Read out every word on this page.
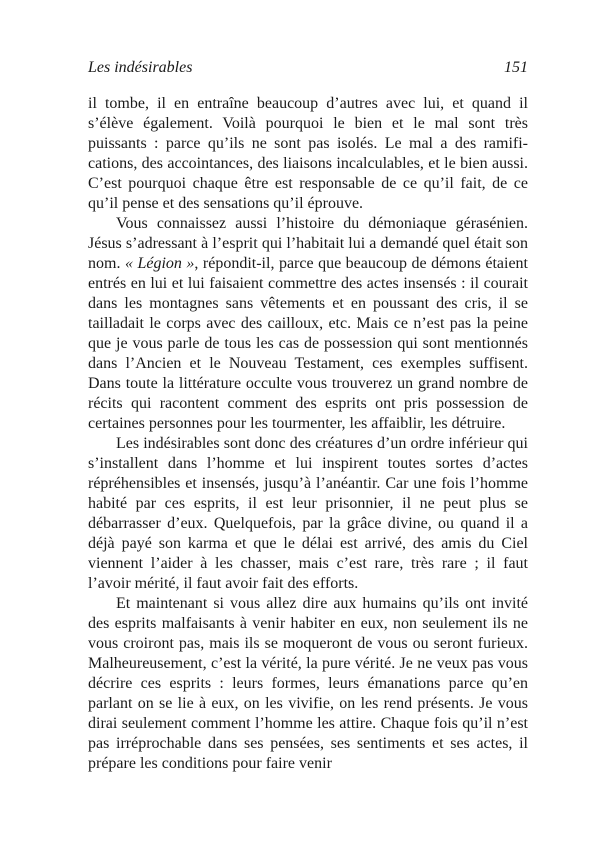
Les indésirables	151

il tombe, il en entraîne beaucoup d’autres avec lui, et quand il s’élève également. Voilà pourquoi le bien et le mal sont très puissants : parce qu’ils ne sont pas isolés. Le mal a des ramifications, des accointances, des liaisons incalculables, et le bien aussi. C’est pourquoi chaque être est responsable de ce qu’il fait, de ce qu’il pense et des sensations qu’il éprouve.

Vous connaissez aussi l’histoire du démoniaque gérasénien. Jésus s’adressant à l’esprit qui l’habitait lui a demandé quel était son nom. « Légion », répondit-il, parce que beaucoup de démons étaient entrés en lui et lui faisaient commettre des actes insensés : il courait dans les montagnes sans vêtements et en poussant des cris, il se tailladait le corps avec des cailloux, etc. Mais ce n’est pas la peine que je vous parle de tous les cas de possession qui sont mentionnés dans l’Ancien et le Nouveau Testament, ces exemples suffisent. Dans toute la littérature occulte vous trouverez un grand nombre de récits qui racontent comment des esprits ont pris possession de certaines personnes pour les tourmenter, les affaiblir, les détruire.

Les indésirables sont donc des créatures d’un ordre inférieur qui s’installent dans l’homme et lui inspirent toutes sortes d’actes répréhensibles et insensés, jusqu’à l’anéantir. Car une fois l’homme habité par ces esprits, il est leur prisonnier, il ne peut plus se débarrasser d’eux. Quelquefois, par la grâce divine, ou quand il a déjà payé son karma et que le délai est arrivé, des amis du Ciel viennent l’aider à les chasser, mais c’est rare, très rare ; il faut l’avoir mérité, il faut avoir fait des efforts.

Et maintenant si vous allez dire aux humains qu’ils ont invité des esprits malfaisants à venir habiter en eux, non seulement ils ne vous croiront pas, mais ils se moqueront de vous ou seront furieux. Malheureusement, c’est la vérité, la pure vérité. Je ne veux pas vous décrire ces esprits : leurs formes, leurs émanations parce qu’en parlant on se lie à eux, on les vivifie, on les rend présents. Je vous dirai seulement comment l’homme les attire. Chaque fois qu’il n’est pas irréprochable dans ses pensées, ses sentiments et ses actes, il prépare les conditions pour faire venir
